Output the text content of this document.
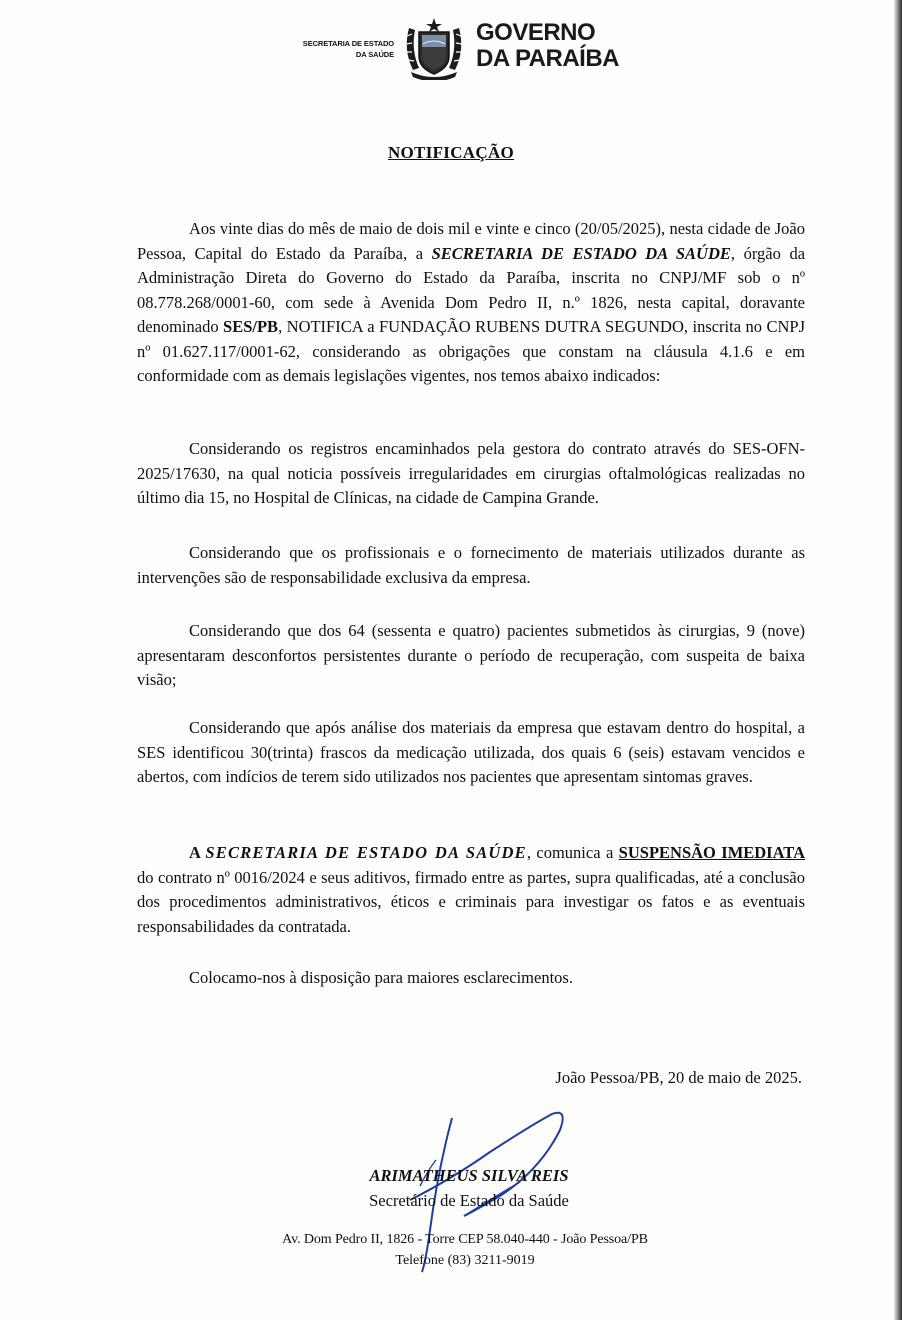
SECRETARIA DE ESTADO
DA SAÚDE
GOVERNO
DA PARAÍBA
NOTIFICAÇÃO
Aos vinte dias do mês de maio de dois mil e vinte e cinco (20/05/2025), nesta cidade de João Pessoa, Capital do Estado da Paraíba, a SECRETARIA DE ESTADO DA SAÚDE, órgão da Administração Direta do Governo do Estado da Paraíba, inscrita no CNPJ/MF sob o nº 08.778.268/0001-60, com sede à Avenida Dom Pedro II, n.º 1826, nesta capital, doravante denominado SES/PB, NOTIFICA a FUNDAÇÃO RUBENS DUTRA SEGUNDO, inscrita no CNPJ nº 01.627.117/0001-62, considerando as obrigações que constam na cláusula 4.1.6 e em conformidade com as demais legislações vigentes, nos temos abaixo indicados:
Considerando os registros encaminhados pela gestora do contrato através do SES-OFN-2025/17630, na qual noticia possíveis irregularidades em cirurgias oftalmológicas realizadas no último dia 15, no Hospital de Clínicas, na cidade de Campina Grande.
Considerando que os profissionais e o fornecimento de materiais utilizados durante as intervenções são de responsabilidade exclusiva da empresa.
Considerando que dos 64 (sessenta e quatro) pacientes submetidos às cirurgias, 9 (nove) apresentaram desconfortos persistentes durante o período de recuperação, com suspeita de baixa visão;
Considerando que após análise dos materiais da empresa que estavam dentro do hospital, a SES identificou 30(trinta) frascos da medicação utilizada, dos quais 6 (seis) estavam vencidos e abertos, com indícios de terem sido utilizados nos pacientes que apresentam sintomas graves.
A SECRETARIA DE ESTADO DA SAÚDE, comunica a SUSPENSÃO IMEDIATA do contrato nº 0016/2024 e seus aditivos, firmado entre as partes, supra qualificadas, até a conclusão dos procedimentos administrativos, éticos e criminais para investigar os fatos e as eventuais responsabilidades da contratada.
Colocamo-nos à disposição para maiores esclarecimentos.
João Pessoa/PB, 20 de maio de 2025.
ARIMATHEUS SILVA REIS
Secretário de Estado da Saúde
Av. Dom Pedro II, 1826 - Torre CEP 58.040-440 - João Pessoa/PB
Telefone (83) 3211-9019
